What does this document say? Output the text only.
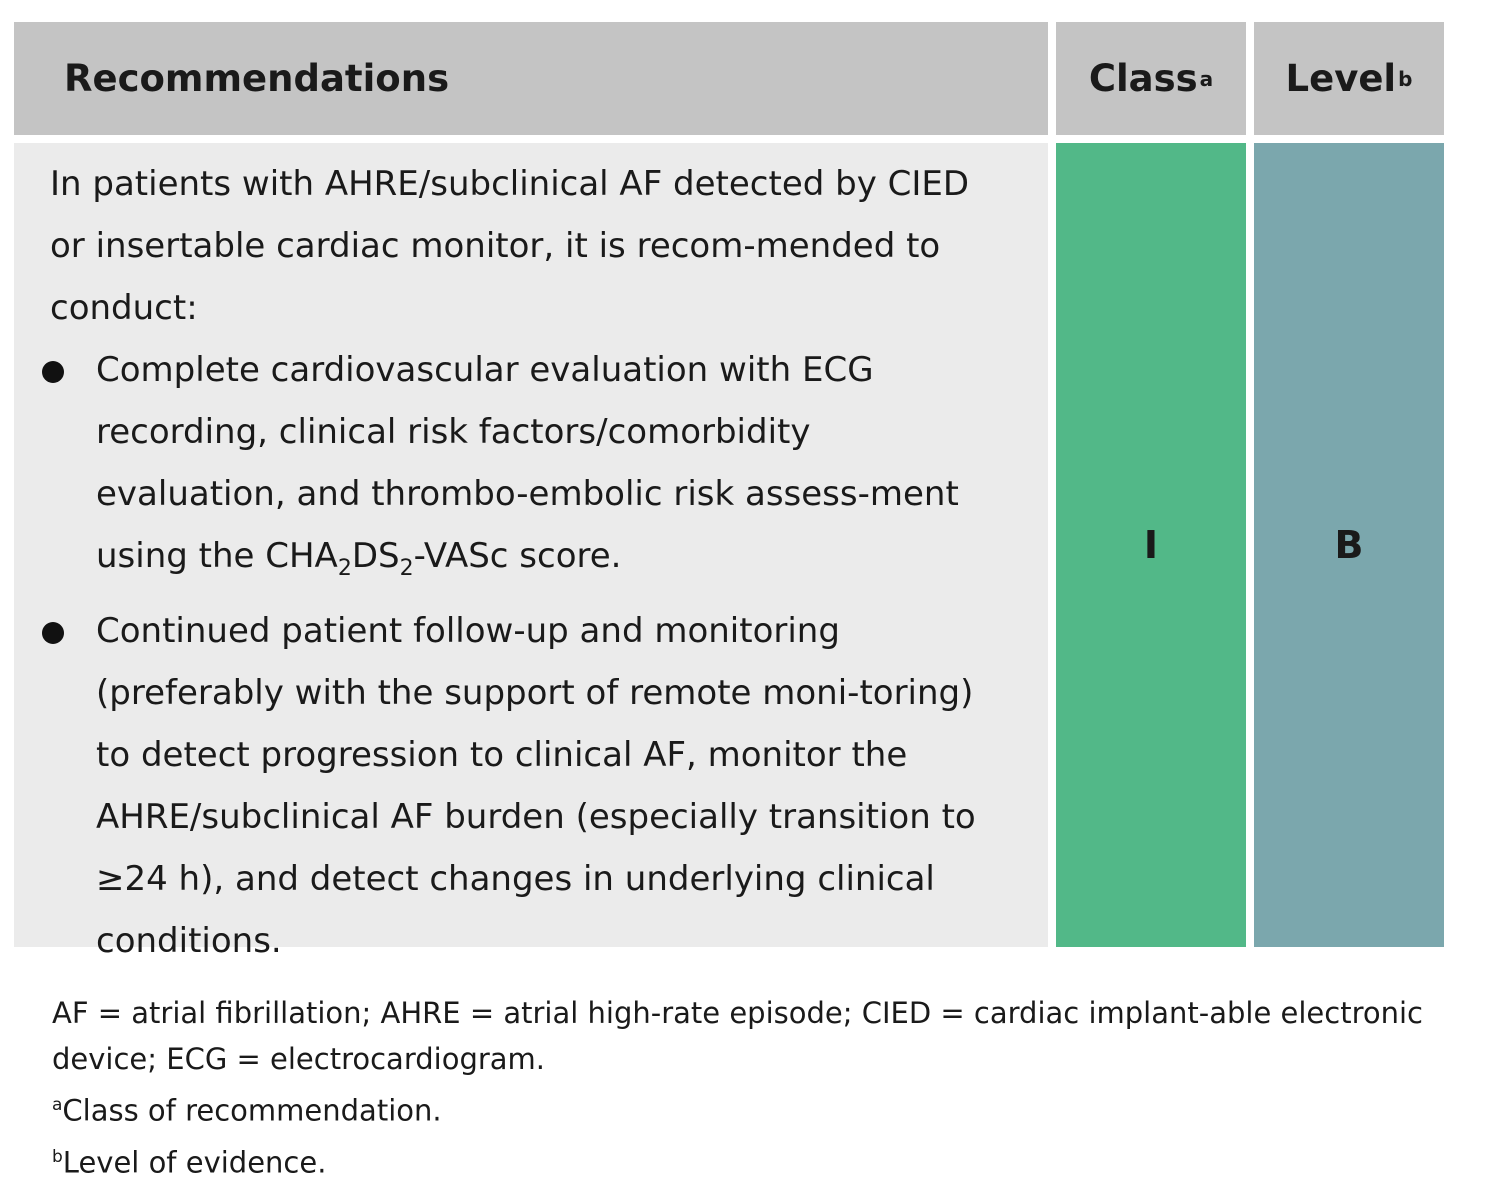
Recommendations	Class a Level b

In patients with AHRE/subclinical AF detected by CIED or insertable cardiac monitor, it is recom-mended to conduct:

Complete cardiovascular evaluation with ECG recording, clinical risk factors/comorbidity evaluation, and thrombo-embolic risk assess-ment using the $CHA_2DS_2$-VASc score.
Continued patient follow-up and monitoring (preferably with the support of remote moni-toring) to detect progression to clinical AF, monitor the AHRE/subclinical AF burden (especially transition to ≥24 h), and detect changes in underlying clinical conditions.
I	B
AF = atrial fibrillation; AHRE = atrial high-rate episode; CIED = cardiac implant-able electronic device; ECG = electrocardiogram.
$^a$Class of recommendation.
$^b$Level of evidence.
